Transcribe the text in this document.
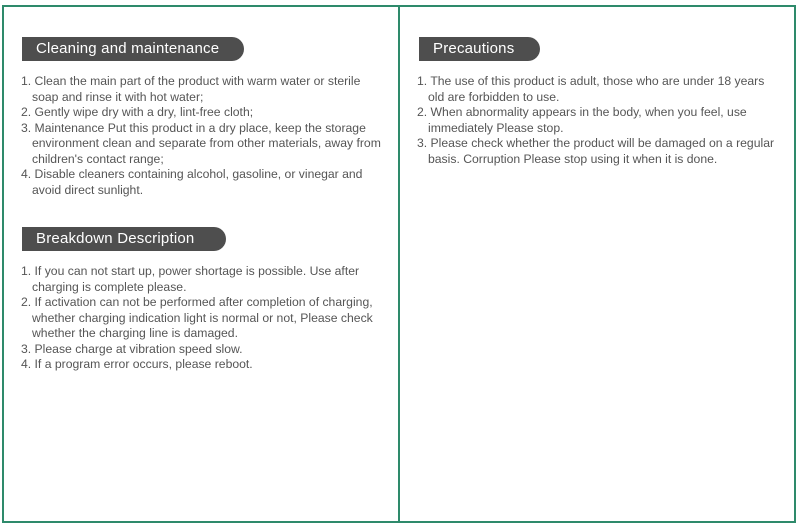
Cleaning and maintenance
1. Clean the main part of the product with warm water or sterile soap and rinse it with hot water;
2. Gently wipe dry with a dry, lint-free cloth;
3. Maintenance Put this product in a dry place, keep the storage environment clean and separate from other materials, away from children's contact range;
4. Disable cleaners containing alcohol, gasoline, or vinegar and avoid direct sunlight.
Breakdown Description
1. If you can not start up, power shortage is possible. Use after charging is complete please.
2. If activation can not be performed after completion of charging, whether charging indication light is normal or not, Please check whether the charging line is damaged.
3. Please charge at vibration speed slow.
4. If a program error occurs, please reboot.
Precautions
1. The use of this product is adult, those who are under 18 years old are forbidden to use.
2. When abnormality appears in the body, when you feel, use immediately Please stop.
3. Please check whether the product will be damaged on a regular basis. Corruption Please stop using it when it is done.
